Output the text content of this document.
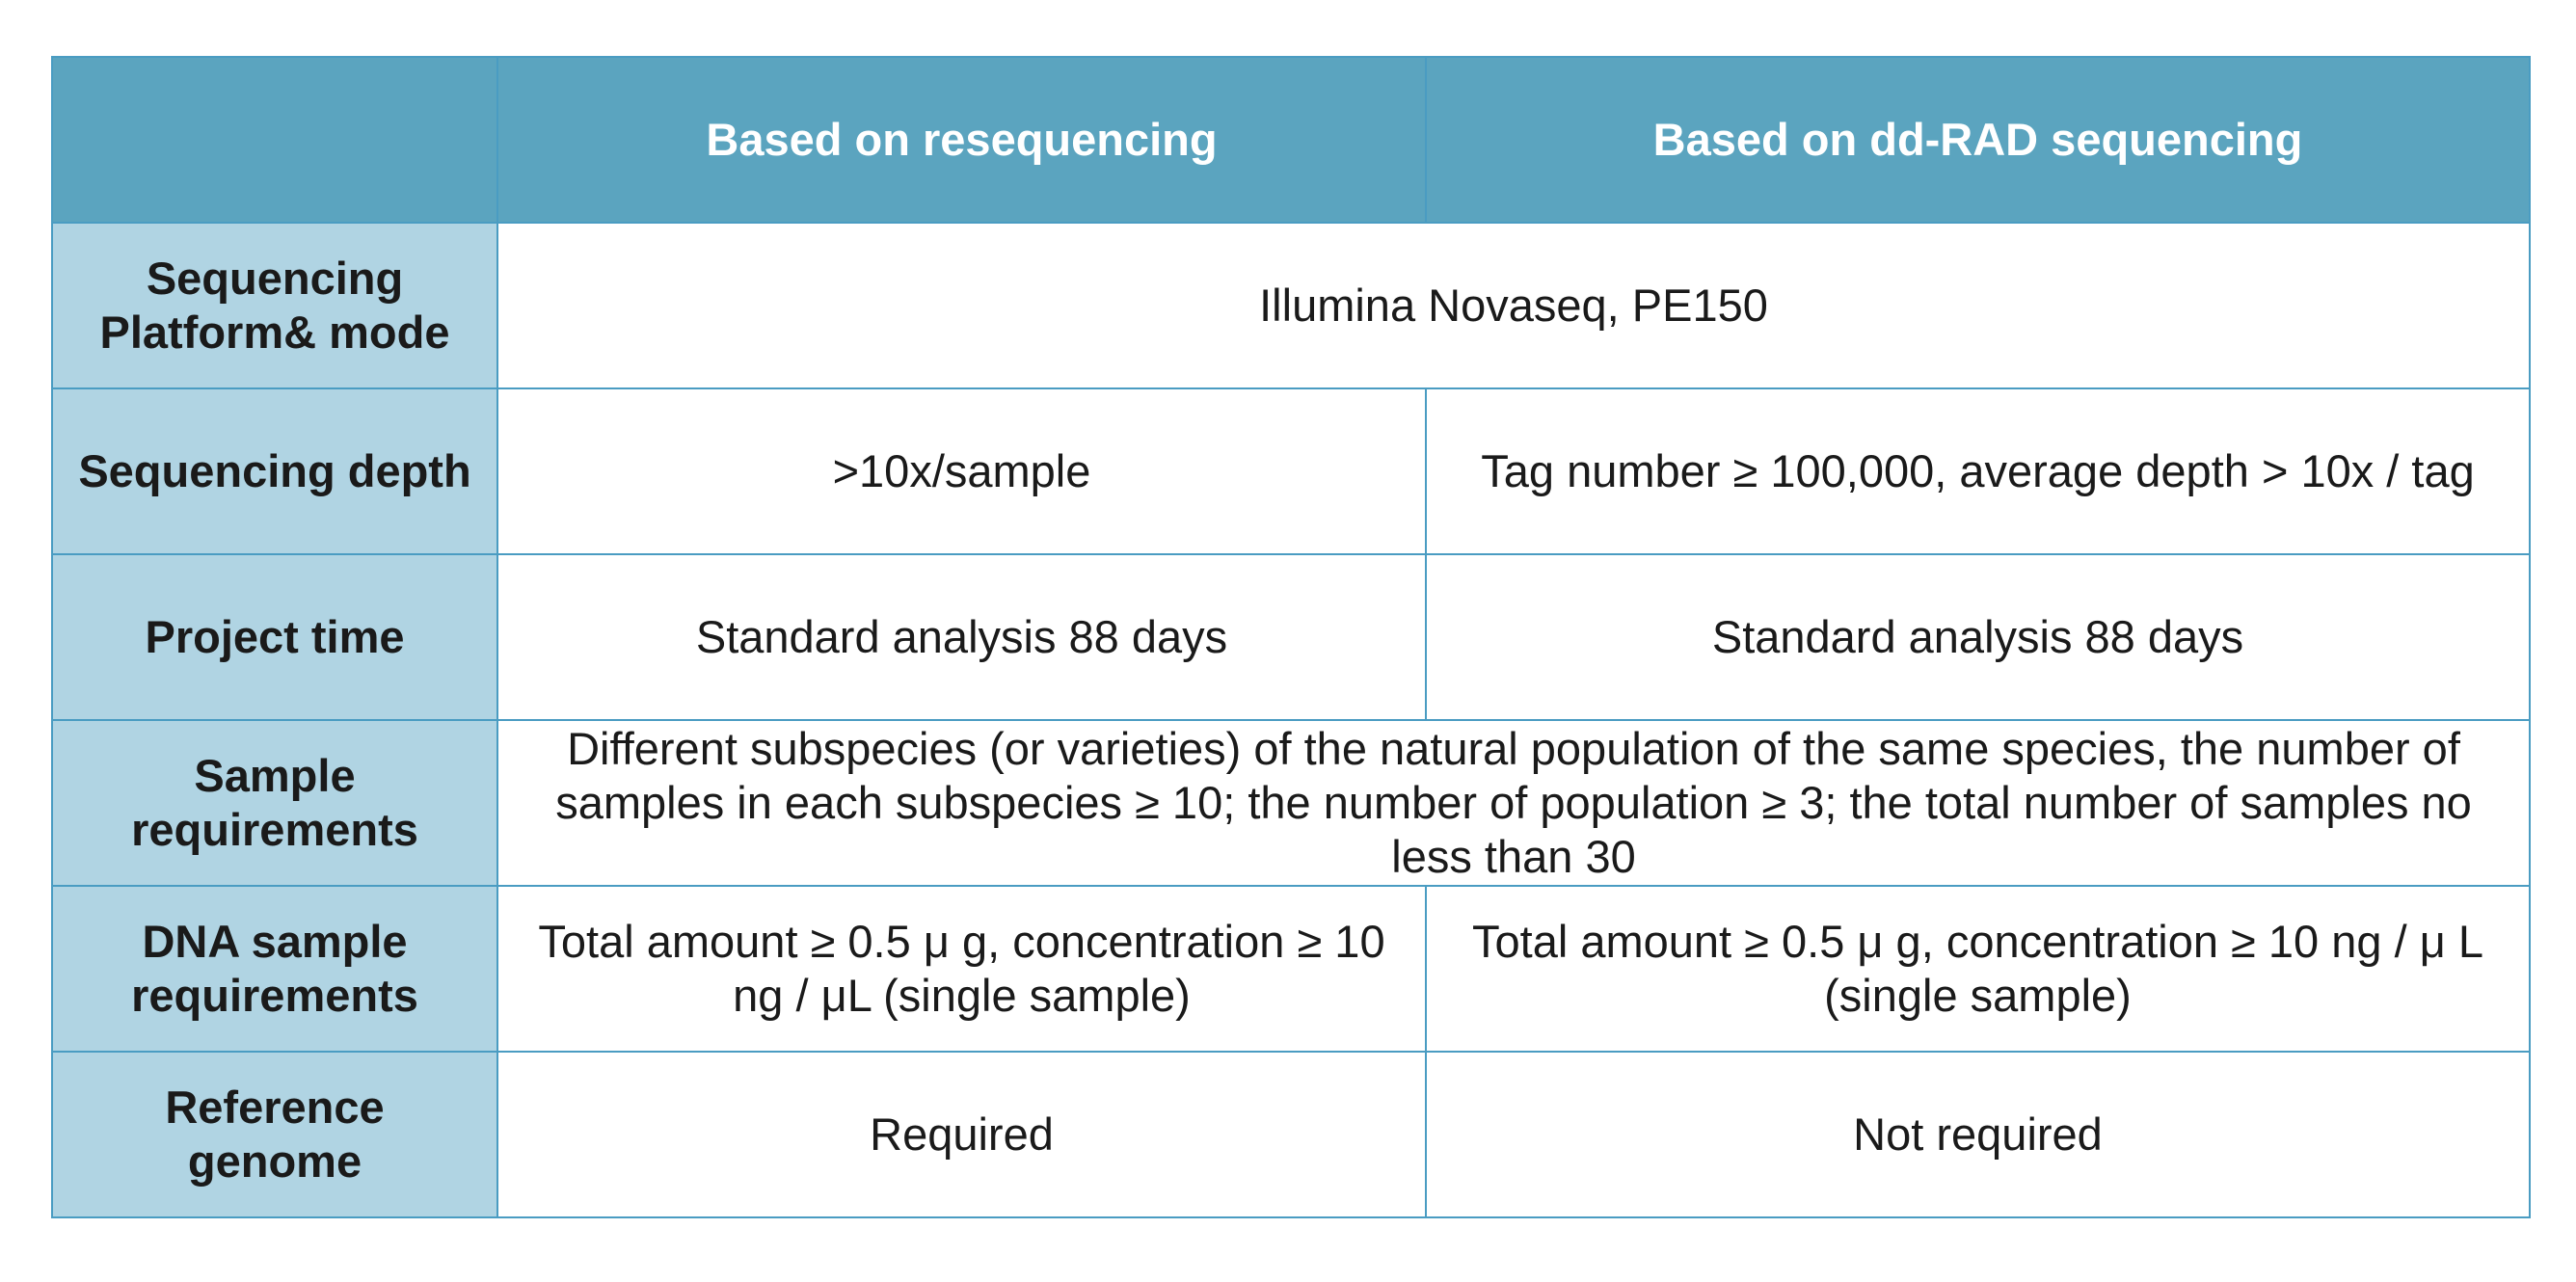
	Based on resequencing	Based on dd-RAD sequencing
Sequencing Platform& mode	Illumina Novaseq, PE150	
Sequencing depth	>10x/sample	Tag number ≥ 100,000, average depth > 10x / tag
Project time	Standard analysis 88 days	Standard analysis 88 days
Sample requirements	Different subspecies (or varieties) of the natural population of the same species, the number of samples in each subspecies ≥ 10; the number of population ≥ 3; the total number of samples no less than 30	
DNA sample requirements	Total amount ≥ 0.5 μ g, concentration ≥ 10 ng / μL (single sample)	Total amount ≥ 0.5 μ g, concentration ≥ 10 ng / μ L (single sample)
Reference genome	Required	Not required
